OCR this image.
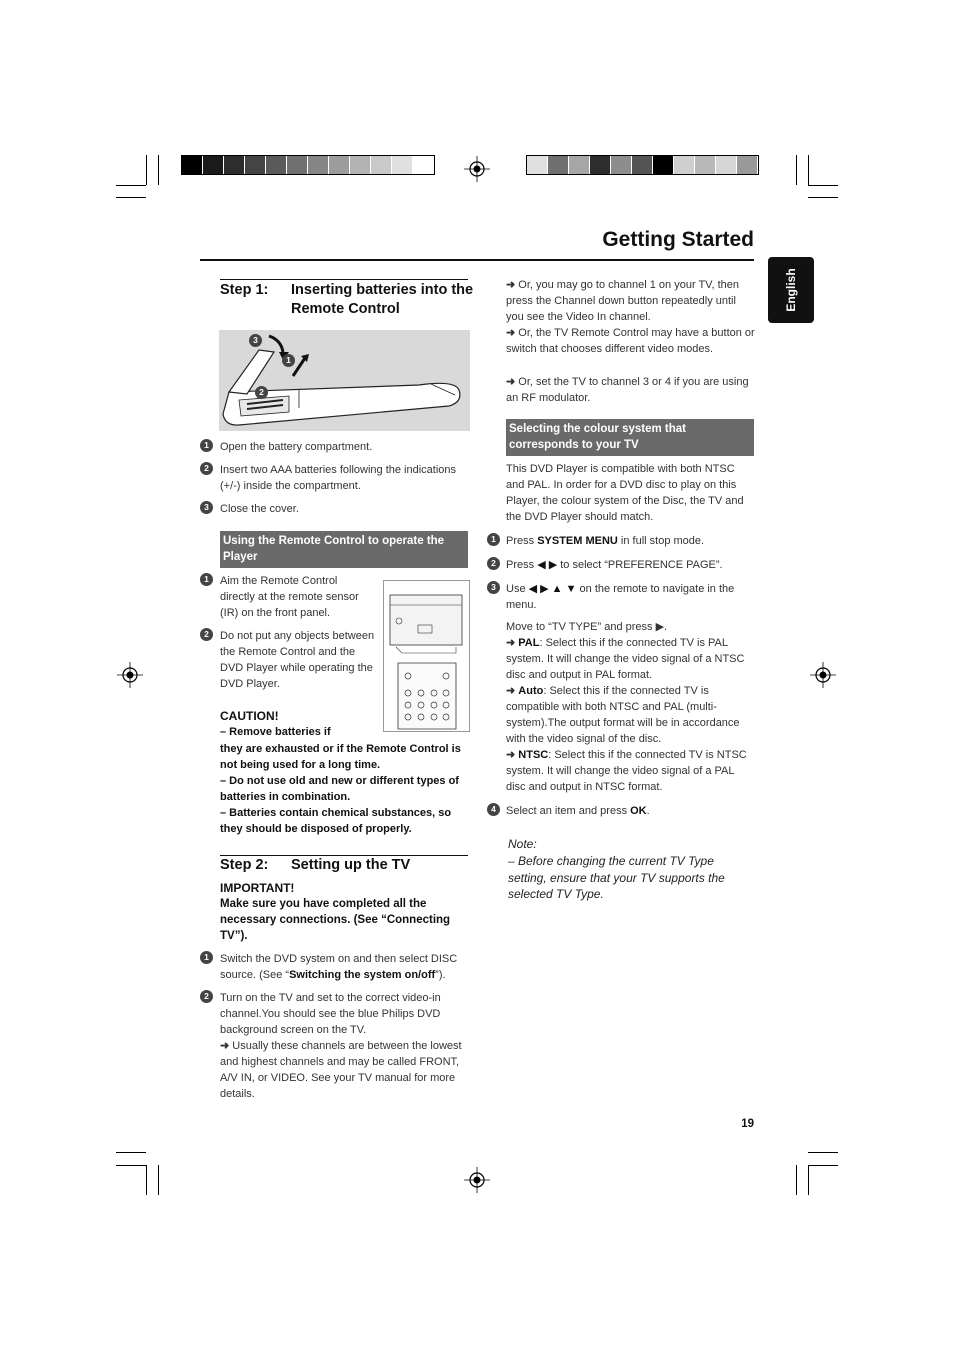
Getting Started
English
Step 1: Inserting batteries into the Remote Control
3
1
2
1	Open the battery compartment.
2	Insert two AAA batteries following the indications (+/-) inside the compartment.
3	Close the cover.
Using the Remote Control to operate the Player
1	Aim the Remote Control directly at the remote sensor (IR) on the front panel.
2	Do not put any objects between the Remote Control and the DVD Player while operating the DVD Player.
CAUTION!
– Remove batteries if
they are exhausted or if the Remote Control is not being used for a long time.
– Do not use old and new or different types of batteries in combination.
– Batteries contain chemical substances, so they should be disposed of properly.
Step 2: Setting up the TV
IMPORTANT!
Make sure you have completed all the necessary connections. (See “Connecting TV”).
1	Switch the DVD system on and then select DISC source. (See “Switching the system on/off”).
2	Turn on the TV and set to the correct video-in channel.You should see the blue Philips DVD background screen on the TV.
➜ Usually these channels are between the lowest and highest channels and may be called FRONT, A/V IN, or VIDEO. See your TV manual for more details.
➜ Or, you may go to channel 1 on your TV, then press the Channel down button repeatedly until you see the Video In channel.
➜ Or, the TV Remote Control may have a button or switch that chooses different video modes.
➜ Or, set the TV to channel 3 or 4 if you are using an RF modulator.
Selecting the colour system that corresponds to your TV
This DVD Player is compatible with both NTSC and PAL. In order for a DVD disc to play on this Player, the colour system of the Disc, the TV and the DVD Player should match.
1 Press SYSTEM MENU in full stop mode.
2 Press ◀ ▶ to select “PREFERENCE PAGE”.
3 Use ◀ ▶ ▲ ▼ on the remote to navigate in the menu.
Move to “TV TYPE” and press ▶.
➜ PAL: Select this if the connected TV is PAL system. It will change the video signal of a NTSC disc and output in PAL format.
➜ Auto: Select this if the connected TV is compatible with both NTSC and PAL (multi-system).The output format will be in accordance with the video signal of the disc.
➜ NTSC: Select this if the connected TV is NTSC system. It will change the video signal of a PAL disc and output in NTSC format.
4 Select an item and press OK.
Note:
– Before changing the current TV Type setting, ensure that your TV supports the selected TV Type.
19
